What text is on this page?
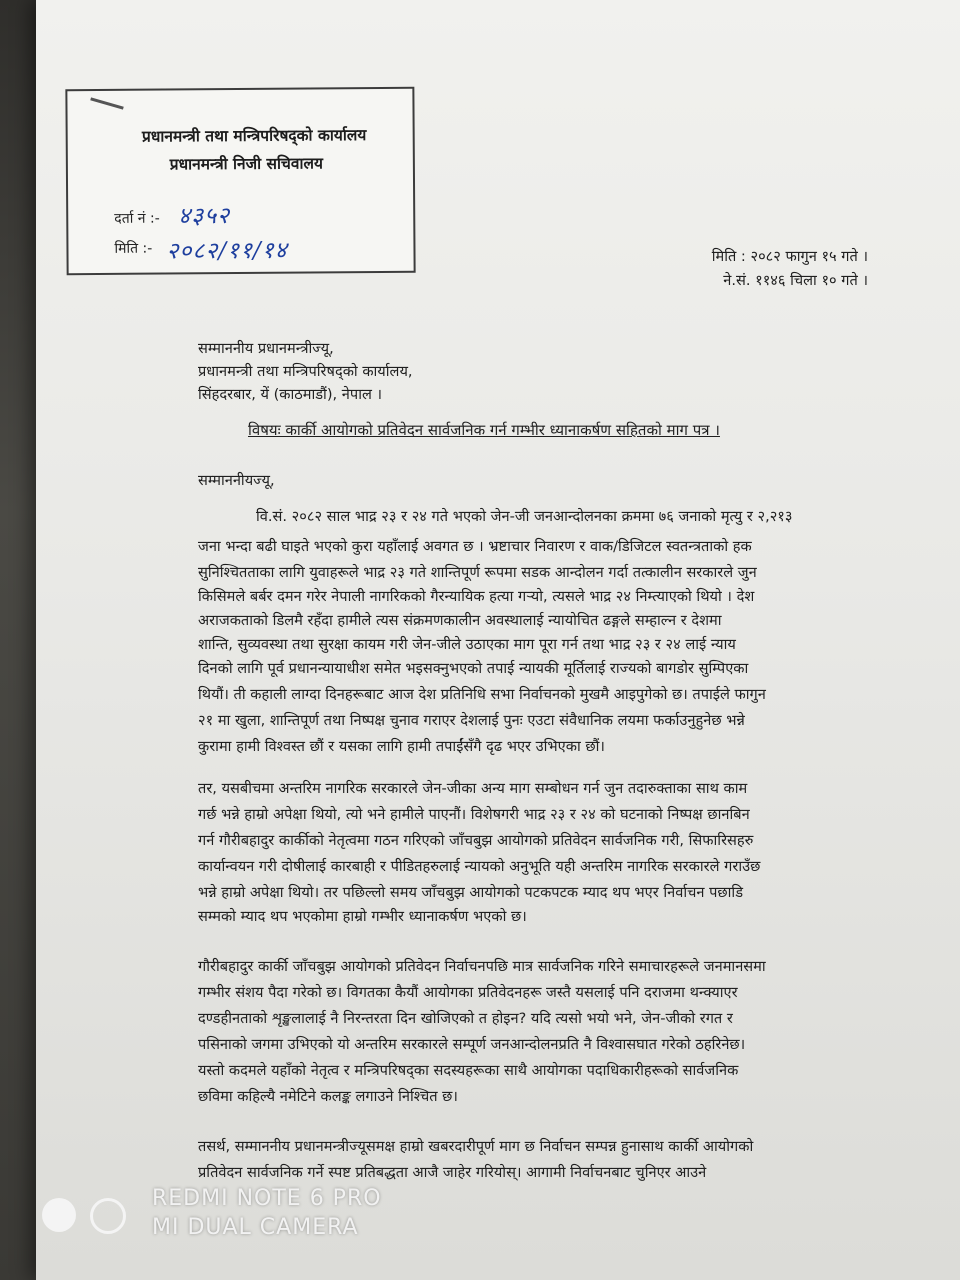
प्रधानमन्त्री तथा मन्त्रिपरिषद्को कार्यालय
प्रधानमन्त्री निजी सचिवालय
दर्ता नं :- ४३५२
मिति :- २०८२/११/१४	मिति : २०८२ फागुन १५ गते ।
ने.सं. ११४६ चिला १० गते ।
सम्माननीय प्रधानमन्त्रीज्यू,
प्रधानमन्त्री तथा मन्त्रिपरिषद्को कार्यालय,
सिंहदरबार, यें (काठमाडौं), नेपाल ।
विषयः कार्की आयोगको प्रतिवेदन सार्वजनिक गर्न गम्भीर ध्यानाकर्षण सहितको माग पत्र ।
सम्माननीयज्यू,
वि.सं. २०८२ साल भाद्र २३ र २४ गते भएको जेन-जी जनआन्दोलनका क्रममा ७६ जनाको मृत्यु र २,२१३
जना भन्दा बढी घाइते भएको कुरा यहाँलाई अवगत छ । भ्रष्टाचार निवारण र वाक/डिजिटल स्वतन्त्रताको हक
सुनिश्चितताका लागि युवाहरूले भाद्र २३ गते शान्तिपूर्ण रूपमा सडक आन्दोलन गर्दा तत्कालीन सरकारले जुन
किसिमले बर्बर दमन गरेर नेपाली नागरिकको गैरन्यायिक हत्या गर्‍यो, त्यसले भाद्र २४ निम्त्याएको थियो । देश
अराजकताको डिलमै रहँदा हामीले त्यस संक्रमणकालीन अवस्थालाई न्यायोचित ढङ्गले सम्हाल्न र देशमा
शान्ति, सुव्यवस्था तथा सुरक्षा कायम गरी जेन-जीले उठाएका माग पूरा गर्न तथा भाद्र २३ र २४ लाई न्याय
दिनको लागि पूर्व प्रधानन्यायाधीश समेत भइसक्नुभएको तपाई न्यायकी मूर्तिलाई राज्यको बागडोर सुम्पिएका
थियौं। ती कहाली लाग्दा दिनहरूबाट आज देश प्रतिनिधि सभा निर्वाचनको मुखमै आइपुगेको छ। तपाईले फागुन
२१ मा खुला, शान्तिपूर्ण तथा निष्पक्ष चुनाव गराएर देशलाई पुनः एउटा संवैधानिक लयमा फर्काउनुहुनेछ भन्ने
कुरामा हामी विश्वस्त छौं र यसका लागि हामी तपाईंसँगै दृढ भएर उभिएका छौं।
तर, यसबीचमा अन्तरिम नागरिक सरकारले जेन-जीका अन्य माग सम्बोधन गर्न जुन तदारुक्ताका साथ काम
गर्छ भन्ने हाम्रो अपेक्षा थियो, त्यो भने हामीले पाएनौं। विशेषगरी भाद्र २३ र २४ को घटनाको निष्पक्ष छानबिन
गर्न गौरीबहादुर कार्कीको नेतृत्वमा गठन गरिएको जाँचबुझ आयोगको प्रतिवेदन सार्वजनिक गरी, सिफारिसहरु
कार्यान्वयन गरी दोषीलाई कारबाही र पीडितहरुलाई न्यायको अनुभूति यही अन्तरिम नागरिक सरकारले गराउँछ
भन्ने हाम्रो अपेक्षा थियो। तर पछिल्लो समय जाँचबुझ आयोगको पटकपटक म्याद थप भएर निर्वाचन पछाडि
सम्मको म्याद थप भएकोमा हाम्रो गम्भीर ध्यानाकर्षण भएको छ।
गौरीबहादुर कार्की जाँचबुझ आयोगको प्रतिवेदन निर्वाचनपछि मात्र सार्वजनिक गरिने समाचारहरूले जनमानसमा
गम्भीर संशय पैदा गरेको छ। विगतका कैयौं आयोगका प्रतिवेदनहरू जस्तै यसलाई पनि दराजमा थन्क्याएर
दण्डहीनताको शृङ्खलालाई नै निरन्तरता दिन खोजिएको त होइन? यदि त्यसो भयो भने, जेन-जीको रगत र
पसिनाको जगमा उभिएको यो अन्तरिम सरकारले सम्पूर्ण जनआन्दोलनप्रति नै विश्वासघात गरेको ठहरिनेछ।
यस्तो कदमले यहाँको नेतृत्व र मन्त्रिपरिषद्का सदस्यहरूका साथै आयोगका पदाधिकारीहरूको सार्वजनिक
छविमा कहिल्यै नमेटिने कलङ्क लगाउने निश्चित छ।
तसर्थ, सम्माननीय प्रधानमन्त्रीज्यूसमक्ष हाम्रो खबरदारीपूर्ण माग छ निर्वाचन सम्पन्न हुनासाथ कार्की आयोगको
प्रतिवेदन सार्वजनिक गर्ने स्पष्ट प्रतिबद्धता आजै जाहेर गरियोस्। आगामी निर्वाचनबाट चुनिएर आउने
REDMI NOTE 6 PRO
MI DUAL CAMERA
